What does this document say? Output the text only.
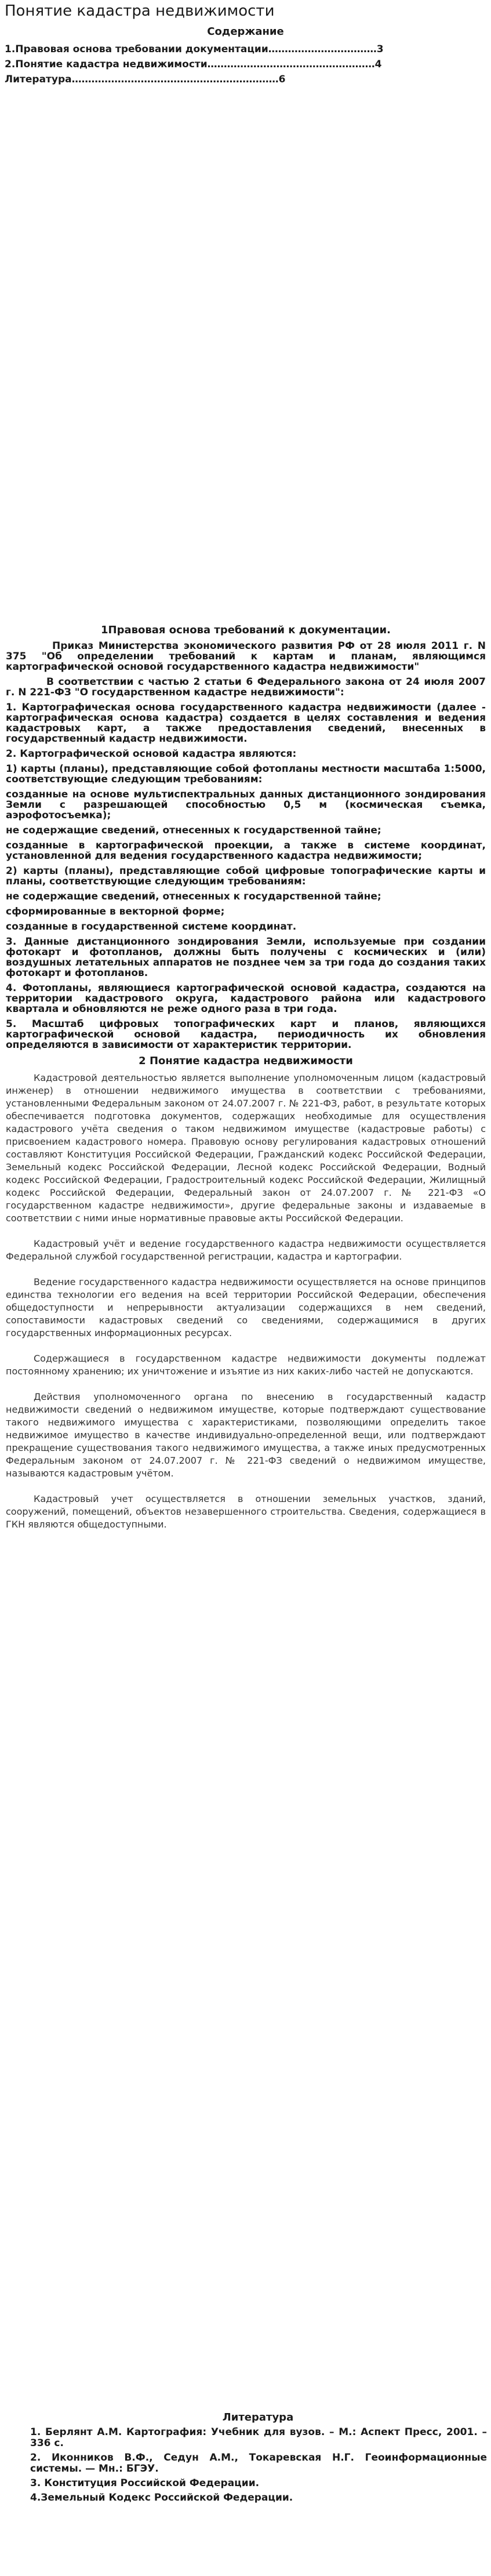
Понятие кадастра недвижимости
Содержание
1.Правовая основа требовании документации……………………………3
2.Понятие кадастра недвижимости……………………………………………4
Литература………………………………………………………6
1Правовая основа требований к документации.

Приказ Министерства экономического развития РФ от 28 июля 2011 г. N 375 "Об определении требований к картам и планам, являющимся картографической основой государственного кадастра недвижимости"

В соответствии с частью 2 статьи 6 Федерального закона от 24 июля 2007 г. N 221-ФЗ "О государственном кадастре недвижимости":

1. Картографическая основа государственного кадастра недвижимости (далее - картографическая основа кадастра) создается в целях составления и ведения кадастровых карт, а также предоставления сведений, внесенных в государственный кадастр недвижимости.

2. Картографической основой кадастра являются:

1) карты (планы), представляющие собой фотопланы местности масштаба 1:5000, соответствующие следующим требованиям:

созданные на основе мультиспектральных данных дистанционного зондирования Земли с разрешающей способностью 0,5 м (космическая съемка, аэрофотосъемка);

не содержащие сведений, отнесенных к государственной тайне;

созданные в картографической проекции, а также в системе координат, установленной для ведения государственного кадастра недвижимости;

2) карты (планы), представляющие собой цифровые топографические карты и планы, соответствующие следующим требованиям:

не содержащие сведений, отнесенных к государственной тайне;

сформированные в векторной форме;

созданные в государственной системе координат.

3. Данные дистанционного зондирования Земли, используемые при создании фотокарт и фотопланов, должны быть получены с космических и (или) воздушных летательных аппаратов не позднее чем за три года до создания таких фотокарт и фотопланов.

4. Фотопланы, являющиеся картографической основой кадастра, создаются на территории кадастрового округа, кадастрового района или кадастрового квартала и обновляются не реже одного раза в три года.

5. Масштаб цифровых топографических карт и планов, являющихся картографической основой кадастра, периодичность их обновления определяются в зависимости от характеристик территории.

2 Понятие кадастра недвижимости

Кадастровой деятельностью является выполнение уполномоченным лицом (кадастровый инженер) в отношении недвижимого имущества в соответствии с требованиями, установленными Федеральным законом от 24.07.2007 г. № 221-ФЗ, работ, в результате которых обеспечивается подготовка документов, содержащих необходимые для осуществления кадастрового учёта сведения о таком недвижимом имуществе (кадастровые работы) с присвоением кадастрового номера. Правовую основу регулирования кадастровых отношений составляют Конституция Российской Федерации, Гражданский кодекс Российской Федерации, Земельный кодекс Российской Федерации, Лесной кодекс Российской Федерации, Водный кодекс Российской Федерации, Градостроительный кодекс Российской Федерации, Жилищный кодекс Российской Федерации, Федеральный закон от 24.07.2007 г. № 221-ФЗ «О государственном кадастре недвижимости», другие федеральные законы и издаваемые в соответствии с ними иные нормативные правовые акты Российской Федерации.

Кадастровый учёт и ведение государственного кадастра недвижимости осуществляется Федеральной службой государственной регистрации, кадастра и картографии.

Ведение государственного кадастра недвижимости осуществляется на основе принципов единства технологии его ведения на всей территории Российской Федерации, обеспечения общедоступности и непрерывности актуализации содержащихся в нем сведений, сопоставимости кадастровых сведений со сведениями, содержащимися в других государственных информационных ресурсах.

Содержащиеся в государственном кадастре недвижимости документы подлежат постоянному хранению; их уничтожение и изъятие из них каких-либо частей не допускаются.

Действия уполномоченного органа по внесению в государственный кадастр недвижимости сведений о недвижимом имуществе, которые подтверждают существование такого недвижимого имущества с характеристиками, позволяющими определить такое недвижимое имущество в качестве индивидуально-определенной вещи, или подтверждают прекращение существования такого недвижимого имущества, а также иных предусмотренных Федеральным законом от 24.07.2007 г. № 221-ФЗ сведений о недвижимом имуществе, называются кадастровым учётом.

Кадастровый учет осуществляется в отношении земельных участков, зданий, сооружений, помещений, объектов незавершенного строительства. Сведения, содержащиеся в ГКН являются общедоступными.

Литература
1. Берлянт А.М. Картография: Учебник для вузов. – М.: Аспект Пресс, 2001. – 336 с.
2. Иконников В.Ф., Седун А.М., Токаревская Н.Г. Геоинформационные системы. — Мн.: БГЭУ.
3. Конституция Российской Федерации.
4.Земельный Кодекс Российской Федерации.
